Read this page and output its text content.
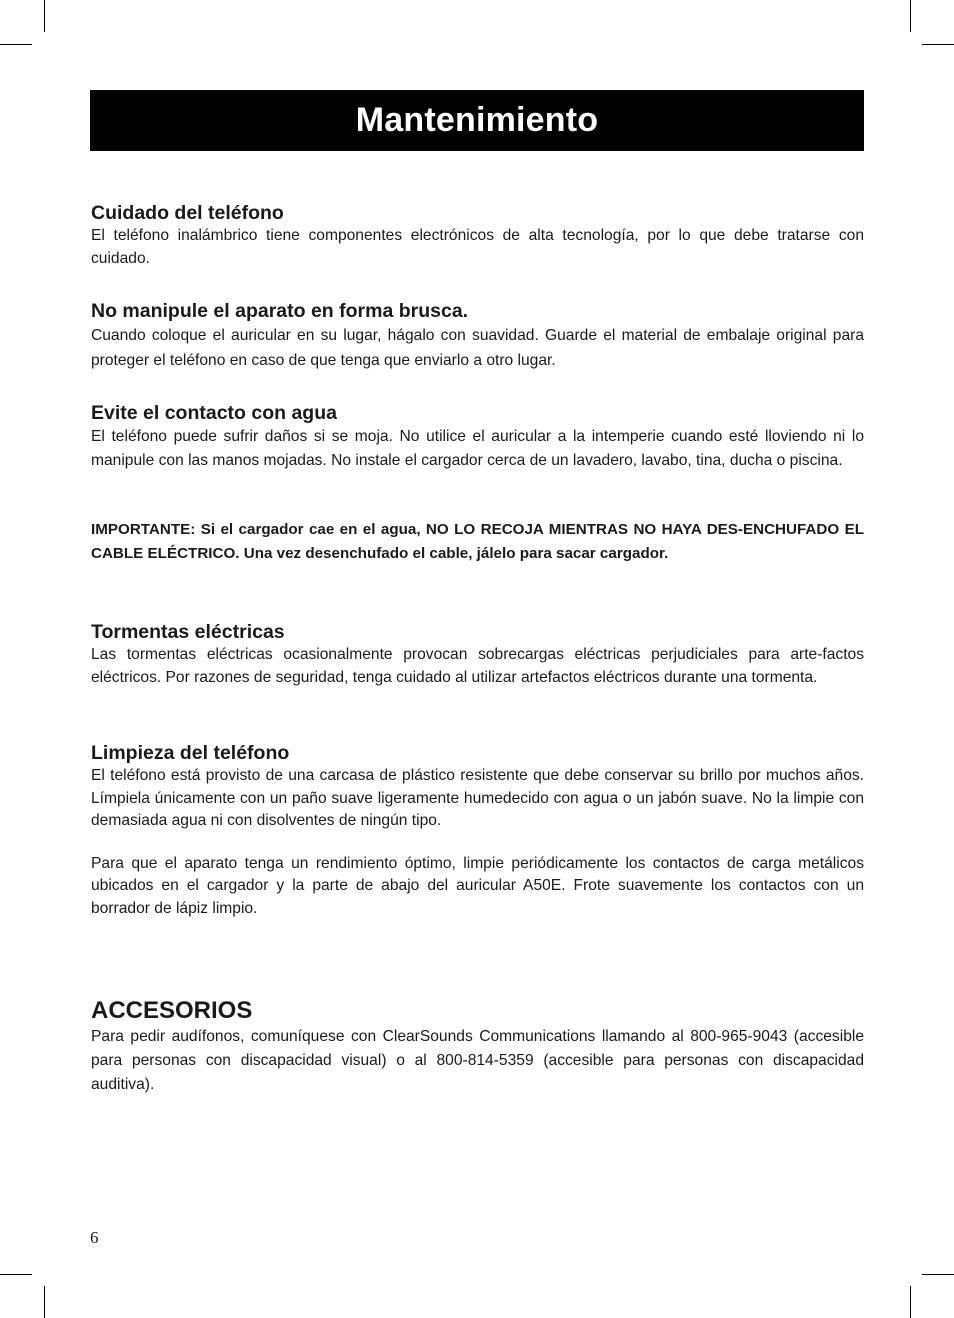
Mantenimiento
Cuidado del teléfono

El teléfono inalámbrico tiene componentes electrónicos de alta tecnología, por lo que debe tratarse con cuidado.

No manipule el aparato en forma brusca.

Cuando coloque el auricular en su lugar, hágalo con suavidad. Guarde el material de embalaje original para proteger el teléfono en caso de que tenga que enviarlo a otro lugar.

Evite el contacto con agua

El teléfono puede sufrir daños si se moja. No utilice el auricular a la intemperie cuando esté lloviendo ni lo manipule con las manos mojadas. No instale el cargador cerca de un lavadero, lavabo, tina, ducha o piscina.

IMPORTANTE: Si el cargador cae en el agua, NO LO RECOJA MIENTRAS NO HAYA DES-ENCHUFADO EL CABLE ELÉCTRICO. Una vez desenchufado el cable, jálelo para sacar cargador.

Tormentas eléctricas

Las tormentas eléctricas ocasionalmente provocan sobrecargas eléctricas perjudiciales para arte-factos eléctricos. Por razones de seguridad, tenga cuidado al utilizar artefactos eléctricos durante una tormenta.

Limpieza del teléfono

El teléfono está provisto de una carcasa de plástico resistente que debe conservar su brillo por muchos años. Límpiela únicamente con un paño suave ligeramente humedecido con agua o un jabón suave. No la limpie con demasiada agua ni con disolventes de ningún tipo.

Para que el aparato tenga un rendimiento óptimo, limpie periódicamente los contactos de carga metálicos ubicados en el cargador y la parte de abajo del auricular A50E. Frote suavemente los contactos con un borrador de lápiz limpio.

ACCESORIOS

Para pedir audífonos, comuníquese con ClearSounds Communications llamando al 800-965-9043 (accesible para personas con discapacidad visual) o al 800-814-5359 (accesible para personas con discapacidad auditiva).

6
